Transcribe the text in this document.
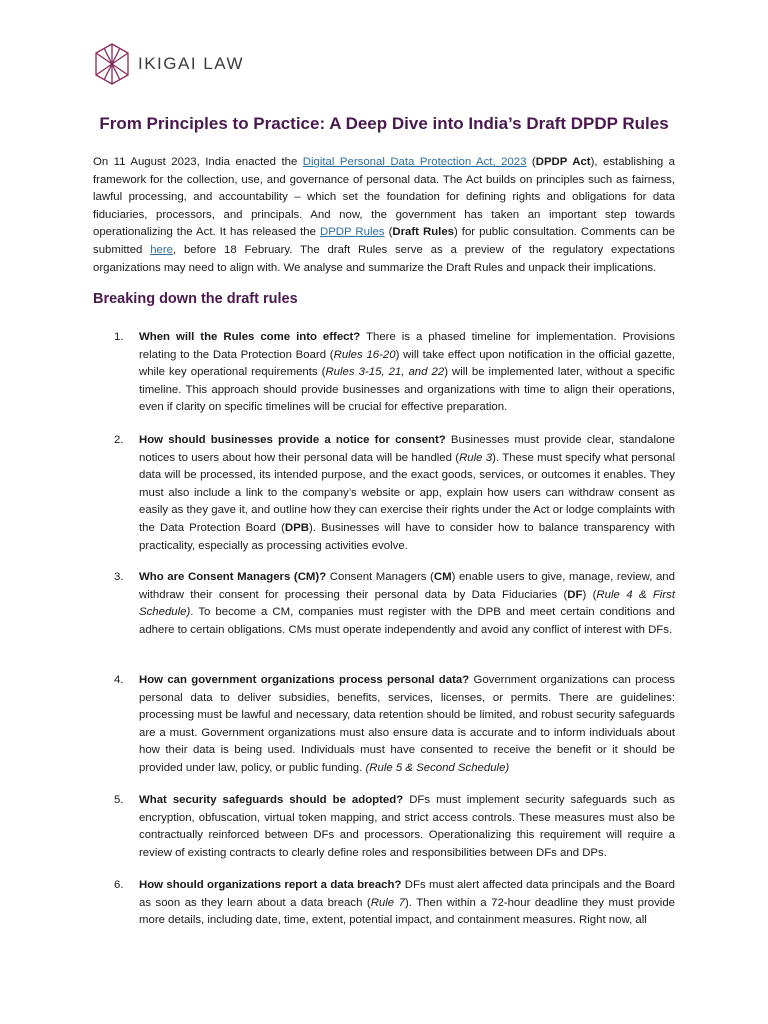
IKIGAI LAW
From Principles to Practice: A Deep Dive into India’s Draft DPDP Rules

On 11 August 2023, India enacted the Digital Personal Data Protection Act, 2023 (DPDP Act), establishing a framework for the collection, use, and governance of personal data. The Act builds on principles such as fairness, lawful processing, and accountability – which set the foundation for defining rights and obligations for data fiduciaries, processors, and principals. And now, the government has taken an important step towards operationalizing the Act. It has released the DPDP Rules (Draft Rules) for public consultation. Comments can be submitted here, before 18 February. The draft Rules serve as a preview of the regulatory expectations organizations may need to align with. We analyse and summarize the Draft Rules and unpack their implications.

Breaking down the draft rules
1. When will the Rules come into effect? There is a phased timeline for implementation. Provisions relating to the Data Protection Board (Rules 16-20) will take effect upon notification in the official gazette, while key operational requirements (Rules 3-15, 21, and 22) will be implemented later, without a specific timeline. This approach should provide businesses and organizations with time to align their operations, even if clarity on specific timelines will be crucial for effective preparation.
2. How should businesses provide a notice for consent? Businesses must provide clear, standalone notices to users about how their personal data will be handled (Rule 3). These must specify what personal data will be processed, its intended purpose, and the exact goods, services, or outcomes it enables. They must also include a link to the company’s website or app, explain how users can withdraw consent as easily as they gave it, and outline how they can exercise their rights under the Act or lodge complaints with the Data Protection Board (DPB). Businesses will have to consider how to balance transparency with practicality, especially as processing activities evolve.
3. Who are Consent Managers (CM)? Consent Managers (CM) enable users to give, manage, review, and withdraw their consent for processing their personal data by Data Fiduciaries (DF) (Rule 4 & First Schedule). To become a CM, companies must register with the DPB and meet certain conditions and adhere to certain obligations. CMs must operate independently and avoid any conflict of interest with DFs.
4. How can government organizations process personal data? Government organizations can process personal data to deliver subsidies, benefits, services, licenses, or permits. There are guidelines: processing must be lawful and necessary, data retention should be limited, and robust security safeguards are a must. Government organizations must also ensure data is accurate and to inform individuals about how their data is being used. Individuals must have consented to receive the benefit or it should be provided under law, policy, or public funding. (Rule 5 & Second Schedule)
5. What security safeguards should be adopted? DFs must implement security safeguards such as encryption, obfuscation, virtual token mapping, and strict access controls. These measures must also be contractually reinforced between DFs and processors. Operationalizing this requirement will require a review of existing contracts to clearly define roles and responsibilities between DFs and DPs.
6. How should organizations report a data breach? DFs must alert affected data principals and the Board as soon as they learn about a data breach (Rule 7). Then within a 72-hour deadline they must provide more details, including date, time, extent, potential impact, and containment measures. Right now, all
